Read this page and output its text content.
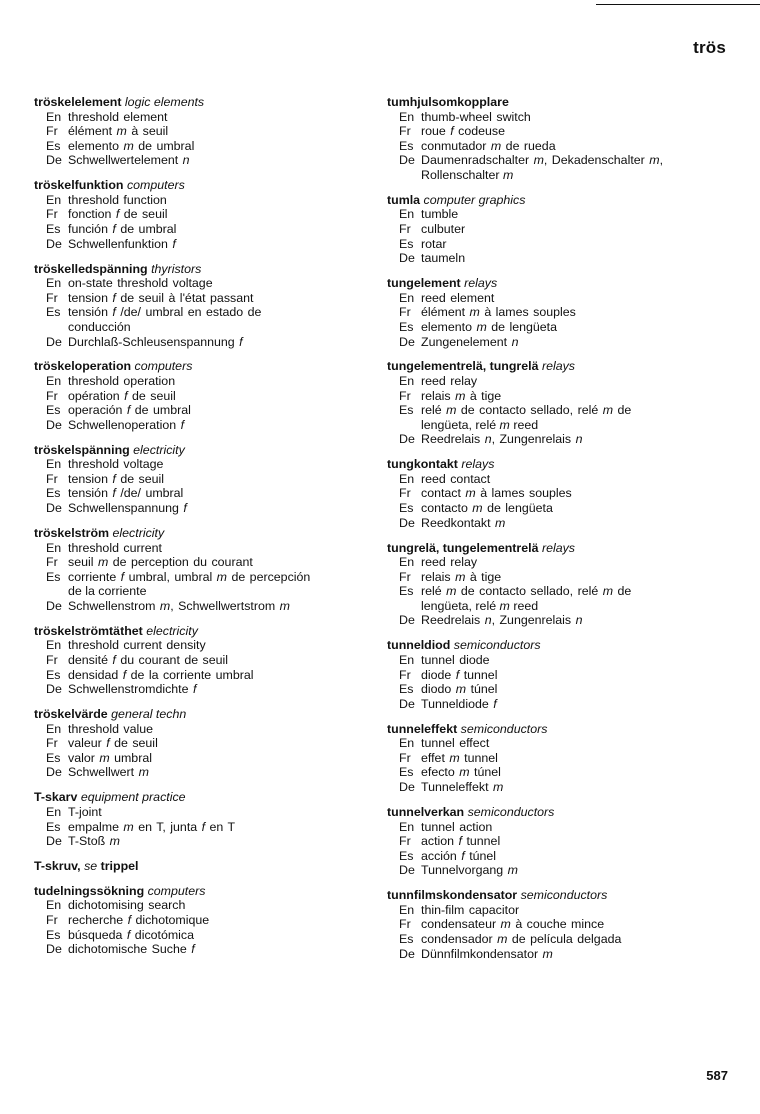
trös
tröskelelement logic elements
En threshold element
Fr élément m à seuil
Es elemento m de umbral
De Schwellwertelement n
tröskelfunktion computers
En threshold function
Fr fonction f de seuil
Es función f de umbral
De Schwellenfunktion f
tröskelledspänning thyristors
En on-state threshold voltage
Fr tension f de seuil à l'état passant
Es tensión f /de/ umbral en estado de
conducción
De Durchlaß-Schleusenspannung f
tröskeloperation computers
En threshold operation
Fr opération f de seuil
Es operación f de umbral
De Schwellenoperation f
tröskelspänning electricity
En threshold voltage
Fr tension f de seuil
Es tensión f /de/ umbral
De Schwellenspannung f
tröskelström electricity
En threshold current
Fr seuil m de perception du courant
Es corriente f umbral, umbral m de percepción
de la corriente
De Schwellenstrom m, Schwellwertstrom m
tröskelströmtäthet electricity
En threshold current density
Fr densité f du courant de seuil
Es densidad f de la corriente umbral
De Schwellenstromdichte f
tröskelvärde general techn
En threshold value
Fr valeur f de seuil
Es valor m umbral
De Schwellwert m
T-skarv equipment practice
En T-joint
Es empalme m en T, junta f en T
De T-Stoß m
T-skruv, se trippel
tudelningssökning computers
En dichotomising search
Fr recherche f dichotomique
Es búsqueda f dicotómica
De dichotomische Suche f
tumhjulsomkopplare
En thumb-wheel switch
Fr roue f codeuse
Es conmutador m de rueda
De Daumenradschalter m, Dekadenschalter m,
Rollenschalter m
tumla computer graphics
En tumble
Fr culbuter
Es rotar
De taumeln
tungelement relays
En reed element
Fr élément m à lames souples
Es elemento m de lengüeta
De Zungenelement n
tungelementrelä, tungrelä relays
En reed relay
Fr relais m à tige
Es relé m de contacto sellado, relé m de
lengüeta, relé m reed
De Reedrelais n, Zungenrelais n
tungkontakt relays
En reed contact
Fr contact m à lames souples
Es contacto m de lengüeta
De Reedkontakt m
tungrelä, tungelementrelä relays
En reed relay
Fr relais m à tige
Es relé m de contacto sellado, relé m de
lengüeta, relé m reed
De Reedrelais n, Zungenrelais n
tunneldiod semiconductors
En tunnel diode
Fr diode f tunnel
Es diodo m túnel
De Tunneldiode f
tunneleffekt semiconductors
En tunnel effect
Fr effet m tunnel
Es efecto m túnel
De Tunneleffekt m
tunnelverkan semiconductors
En tunnel action
Fr action f tunnel
Es acción f túnel
De Tunnelvorgang m
tunnfilmskondensator semiconductors
En thin-film capacitor
Fr condensateur m à couche mince
Es condensador m de película delgada
De Dünnfilmkondensator m
587
